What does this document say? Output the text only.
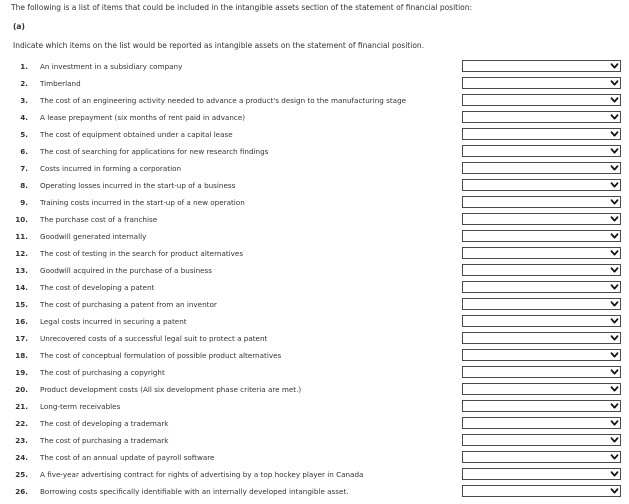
The following is a list of items that could be included in the intangible assets section of the statement of financial position:
(a)
Indicate which items on the list would be reported as intangible assets on the statement of financial position.
1. An investment in a subsidiary company
2. Timberland
3. The cost of an engineering activity needed to advance a product's design to the manufacturing stage
4. A lease prepayment (six months of rent paid in advance)
5. The cost of equipment obtained under a capital lease
6. The cost of searching for applications for new research findings
7. Costs incurred in forming a corporation
8. Operating losses incurred in the start-up of a business
9. Training costs incurred in the start-up of a new operation
10. The purchase cost of a franchise
11. Goodwill generated internally
12. The cost of testing in the search for product alternatives
13. Goodwill acquired in the purchase of a business
14. The cost of developing a patent
15. The cost of purchasing a patent from an inventor
16. Legal costs incurred in securing a patent
17. Unrecovered costs of a successful legal suit to protect a patent
18. The cost of conceptual formulation of possible product alternatives
19. The cost of purchasing a copyright
20. Product development costs (All six development phase criteria are met.)
21. Long-term receivables
22. The cost of developing a trademark
23. The cost of purchasing a trademark
24. The cost of an annual update of payroll software
25. A five-year advertising contract for rights of advertising by a top hockey player in Canada
26. Borrowing costs specifically identifiable with an internally developed intangible asset.
